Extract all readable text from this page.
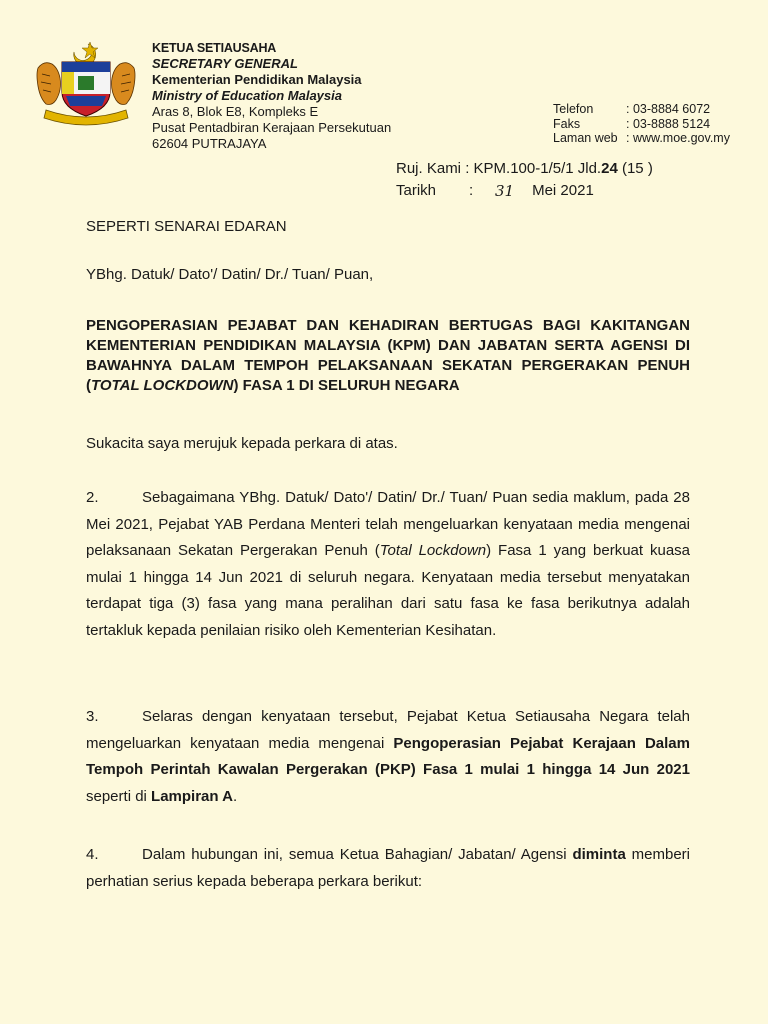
KETUA SETIAUSAHA
SECRETARY GENERAL
Kementerian Pendidikan Malaysia
Ministry of Education Malaysia
Aras 8, Blok E8, Kompleks E
Pusat Pentadbiran Kerajaan Persekutuan
62604 PUTRAJAYA
Telefon	: 03-8884 6072
Faks	: 03-8888 5124
Laman web : www.moe.gov.my
Ruj. Kami : KPM.100-1/5/1 Jld.24 (15 )
Tarikh	:	31	Mei 2021
SEPERTI SENARAI EDARAN
YBhg. Datuk/ Dato'/ Datin/ Dr./ Tuan/ Puan,
PENGOPERASIAN PEJABAT DAN KEHADIRAN BERTUGAS BAGI KAKITANGAN KEMENTERIAN PENDIDIKAN MALAYSIA (KPM) DAN JABATAN SERTA AGENSI DI BAWAHNYA DALAM TEMPOH PELAKSANAAN SEKATAN PERGERAKAN PENUH (TOTAL LOCKDOWN) FASA 1 DI SELURUH NEGARA
Sukacita saya merujuk kepada perkara di atas.

2.	Sebagaimana YBhg. Datuk/ Dato'/ Datin/ Dr./ Tuan/ Puan sedia maklum, pada 28 Mei 2021, Pejabat YAB Perdana Menteri telah mengeluarkan kenyataan media mengenai pelaksanaan Sekatan Pergerakan Penuh (Total Lockdown) Fasa 1 yang berkuat kuasa mulai 1 hingga 14 Jun 2021 di seluruh negara. Kenyataan media tersebut menyatakan terdapat tiga (3) fasa yang mana peralihan dari satu fasa ke fasa berikutnya adalah tertakluk kepada penilaian risiko oleh Kementerian Kesihatan.

3.	Selaras dengan kenyataan tersebut, Pejabat Ketua Setiausaha Negara telah mengeluarkan kenyataan media mengenai Pengoperasian Pejabat Kerajaan Dalam Tempoh Perintah Kawalan Pergerakan (PKP) Fasa 1 mulai 1 hingga 14 Jun 2021 seperti di Lampiran A.

4.	Dalam hubungan ini, semua Ketua Bahagian/ Jabatan/ Agensi diminta memberi perhatian serius kepada beberapa perkara berikut:
